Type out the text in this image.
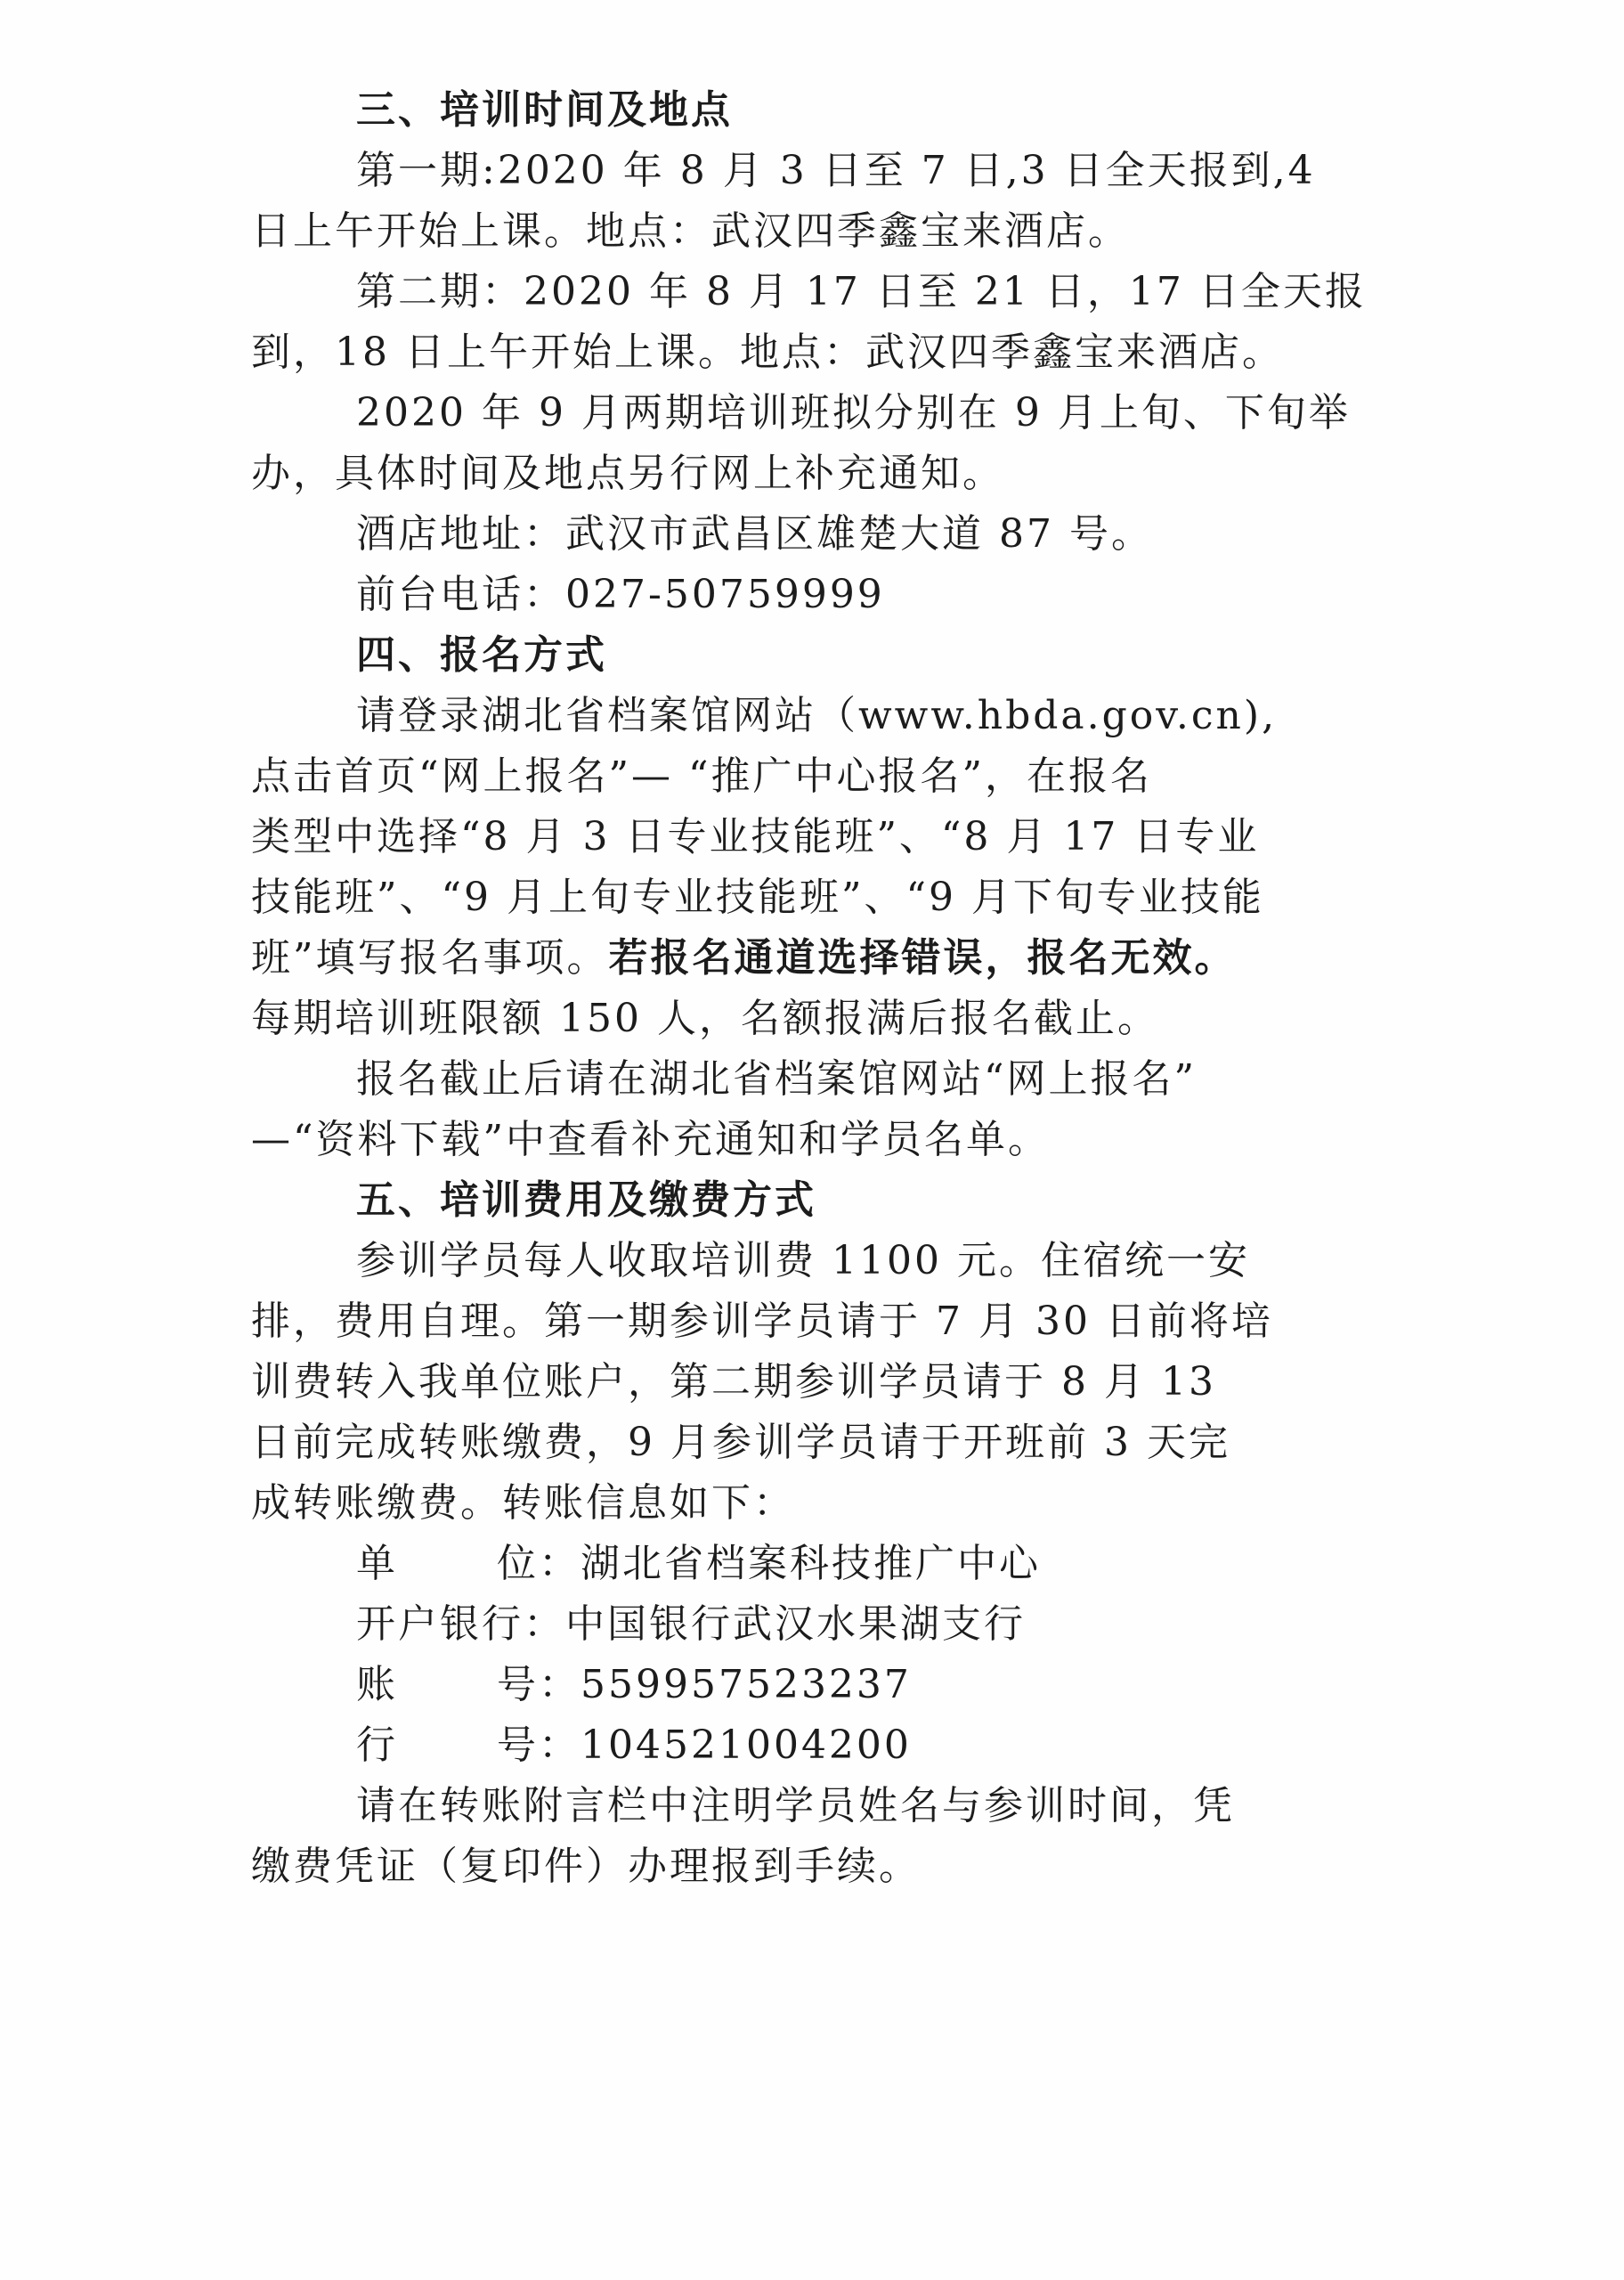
三、培训时间及地点
第一期:2020 年 8 月 3 日至 7 日,3 日全天报到,4
日上午开始上课。地点：武汉四季鑫宝来酒店。
第二期：2020 年 8 月 17 日至 21 日，17 日全天报
到，18 日上午开始上课。地点：武汉四季鑫宝来酒店。
2020 年 9 月两期培训班拟分别在 9 月上旬、下旬举
办，具体时间及地点另行网上补充通知。
酒店地址：武汉市武昌区雄楚大道 87 号。
前台电话：027-50759999
四、报名方式
请登录湖北省档案馆网站（www.hbda.gov.cn),
点击首页“网上报名”— “推广中心报名”，在报名
类型中选择“8 月 3 日专业技能班”、“8 月 17 日专业
技能班”、“9 月上旬专业技能班”、“9 月下旬专业技能
班”填写报名事项。若报名通道选择错误，报名无效。
每期培训班限额 150 人，名额报满后报名截止。
报名截止后请在湖北省档案馆网站“网上报名”
—“资料下载”中查看补充通知和学员名单。
五、培训费用及缴费方式
参训学员每人收取培训费 1100 元。住宿统一安
排，费用自理。第一期参训学员请于 7 月 30 日前将培
训费转入我单位账户，第二期参训学员请于 8 月 13
日前完成转账缴费，9 月参训学员请于开班前 3 天完
成转账缴费。转账信息如下：
单　　 位：湖北省档案科技推广中心
开户银行：中国银行武汉水果湖支行
账　　 号：559957523237
行　　 号：104521004200
请在转账附言栏中注明学员姓名与参训时间，凭
缴费凭证（复印件）办理报到手续。
